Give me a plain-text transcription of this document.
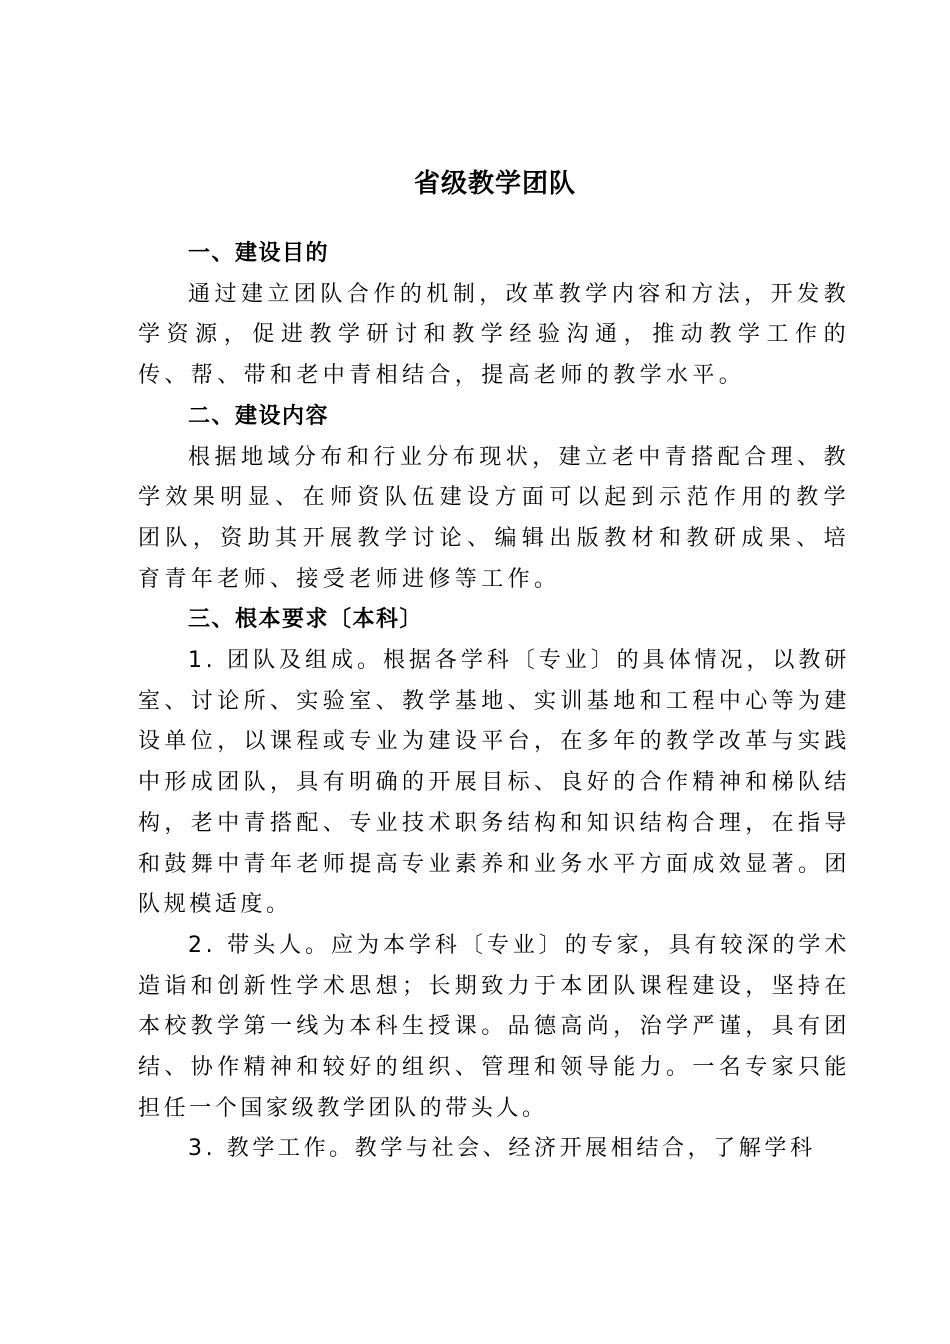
省级教学团队

一、建设目的

通过建立团队合作的机制，改革教学内容和方法，开发教学资源，促进教学研讨和教学经验沟通，推动教学工作的传、帮、带和老中青相结合，提高老师的教学水平。

二、建设内容

根据地域分布和行业分布现状，建立老中青搭配合理、教学效果明显、在师资队伍建设方面可以起到示范作用的教学团队，资助其开展教学讨论、编辑出版教材和教研成果、培育青年老师、接受老师进修等工作。

三、根本要求〔本科〕

1. 团队及组成。根据各学科〔专业〕的具体情况，以教研室、讨论所、实验室、教学基地、实训基地和工程中心等为建设单位，以课程或专业为建设平台，在多年的教学改革与实践中形成团队，具有明确的开展目标、良好的合作精神和梯队结构，老中青搭配、专业技术职务结构和知识结构合理，在指导和鼓舞中青年老师提高专业素养和业务水平方面成效显著。团队规模适度。

2. 带头人。应为本学科〔专业〕的专家，具有较深的学术造诣和创新性学术思想；长期致力于本团队课程建设，坚持在本校教学第一线为本科生授课。品德高尚，治学严谨，具有团结、协作精神和较好的组织、管理和领导能力。一名专家只能担任一个国家级教学团队的带头人。

3. 教学工作。教学与社会、经济开展相结合，了解学科
